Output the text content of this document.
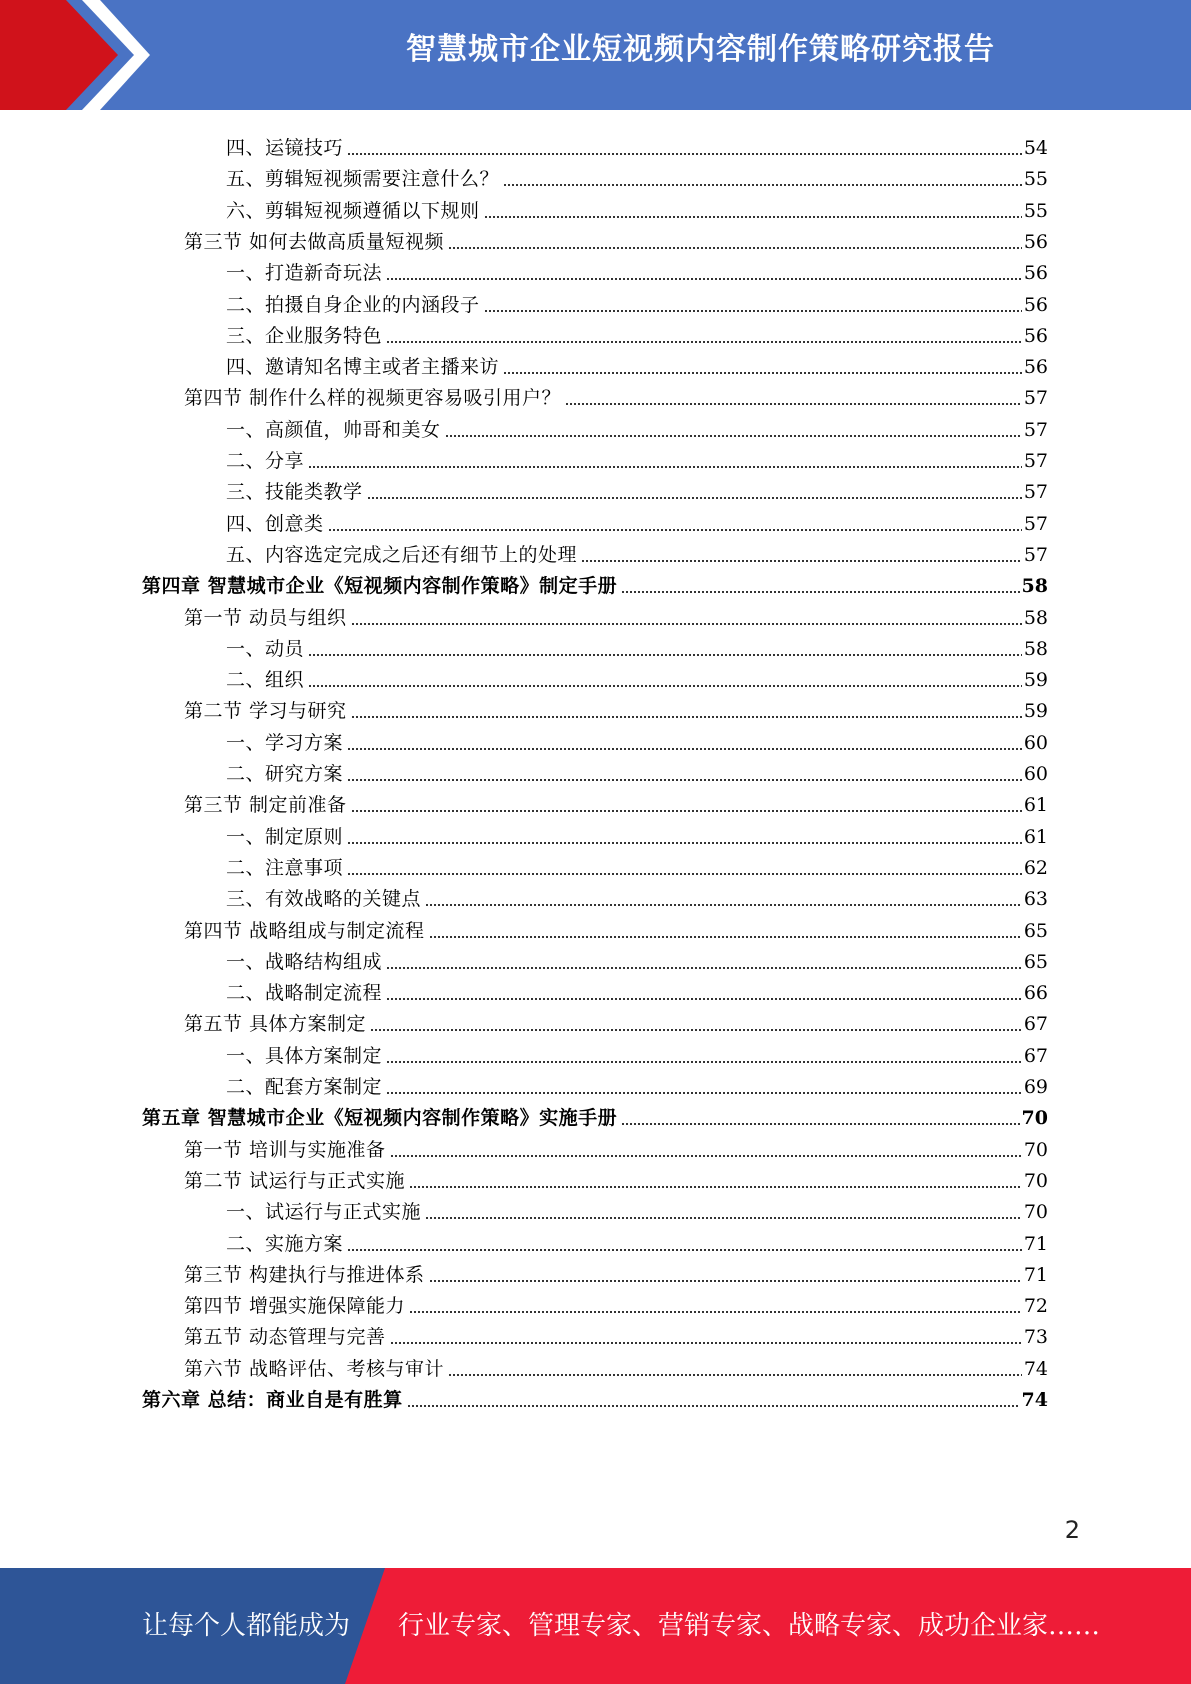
智慧城市企业短视频内容制作策略研究报告
四、运镜技巧	54
五、剪辑短视频需要注意什么？	55
六、剪辑短视频遵循以下规则	55
第三节 如何去做高质量短视频	56
一、打造新奇玩法	56
二、拍摄自身企业的内涵段子	56
三、企业服务特色	56
四、邀请知名博主或者主播来访	56
第四节 制作什么样的视频更容易吸引用户？	57
一、高颜值，帅哥和美女	57
二、分享	57
三、技能类教学	57
四、创意类	57
五、内容选定完成之后还有细节上的处理	57
第四章 智慧城市企业《短视频内容制作策略》制定手册	58
第一节 动员与组织	58
一、动员	58
二、组织	59
第二节 学习与研究	59
一、学习方案	60
二、研究方案	60
第三节 制定前准备	61
一、制定原则	61
二、注意事项	62
三、有效战略的关键点	63
第四节 战略组成与制定流程	65
一、战略结构组成	65
二、战略制定流程	66
第五节 具体方案制定	67
一、具体方案制定	67
二、配套方案制定	69
第五章 智慧城市企业《短视频内容制作策略》实施手册	70
第一节 培训与实施准备	70
第二节 试运行与正式实施	70
一、试运行与正式实施	70
二、实施方案	71
第三节 构建执行与推进体系	71
第四节 增强实施保障能力	72
第五节 动态管理与完善	73
第六节 战略评估、考核与审计	74
第六章 总结：商业自是有胜算	74
2
让每个人都能成为 行业专家、管理专家、营销专家、战略专家、成功企业家……
